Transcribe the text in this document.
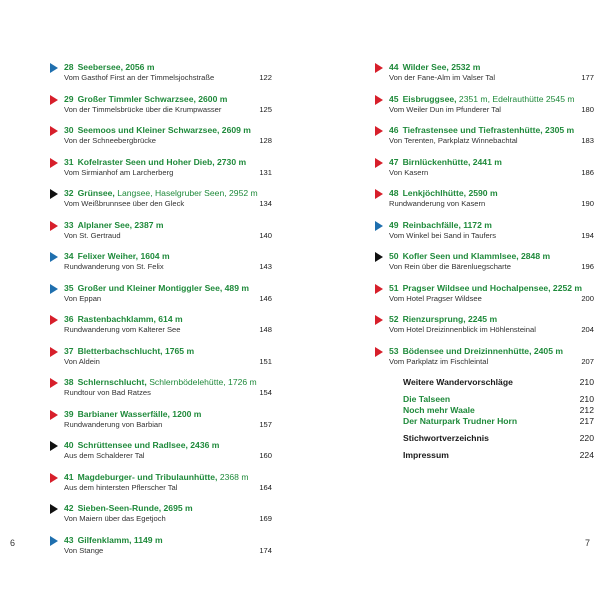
28 Seebersee, 2056 m
Vom Gasthof First an der Timmelsjochstraße	122
29 Großer Timmler Schwarzsee, 2600 m
Von der Timmelsbrücke über die Krumpwasser	125
30 Seemoos und Kleiner Schwarzsee, 2609 m
Von der Schneebergbrücke	128
31 Kofelraster Seen und Hoher Dieb, 2730 m
Vom Sirmianhof am Larcherberg	131
32 Grünsee, Langsee, Haselgruber Seen, 2952 m
Vom Weißbrunnsee über den Gleck	134
33 Alplaner See, 2387 m
Von St. Gertraud	140
34 Felixer Weiher, 1604 m
Rundwanderung von St. Felix	143
35 Großer und Kleiner Montiggler See, 489 m
Von Eppan	146
36 Rastenbachklamm, 614 m
Rundwanderung vom Kalterer See	148
37 Bletterbachschlucht, 1765 m
Von Aldein	151
38 Schlernschlucht, Schlernbödelehütte, 1726 m
Rundtour von Bad Ratzes	154
39 Barbianer Wasserfälle, 1200 m
Rundwanderung von Barbian	157
40 Schrüttensee und Radlsee, 2436 m
Aus dem Schalderer Tal	160
41 Magdeburger- und Tribulaunhütte, 2368 m
Aus dem hintersten Pflerscher Tal	164
42 Sieben-Seen-Runde, 2695 m
Von Maiern über das Egetjoch	169
43 Gilfenklamm, 1149 m
Von Stange	174
44 Wilder See, 2532 m
Von der Fane-Alm im Valser Tal	177
45 Eisbruggsee, 2351 m, Edelrauthütte 2545 m
Vom Weiler Dun im Pfunderer Tal	180
46 Tiefrastensee und Tiefrastenhütte, 2305 m
Von Terenten, Parkplatz Winnebachtal	183
47 Birnlückenhütte, 2441 m
Von Kasern	186
48 Lenkjöchlhütte, 2590 m
Rundwanderung von Kasern	190
49 Reinbachfälle, 1172 m
Vom Winkel bei Sand in Taufers	194
50 Kofler Seen und Klammlsee, 2848 m
Von Rein über die Bärenluegscharte	196
51 Pragser Wildsee und Hochalpensee, 2252 m
Vom Hotel Pragser Wildsee	200
52 Rienzursprung, 2245 m
Vom Hotel Dreizinnenblick im Höhlensteinal	204
53 Bödensee und Dreizinnenhütte, 2405 m
Vom Parkplatz im Fischleintal	207
Weitere Wandervorschläge	210
Die Talseen	210
Noch mehr Waale	212
Der Naturpark Trudner Horn	217
Stichwortverzeichnis	220
Impressum	224
6	7
